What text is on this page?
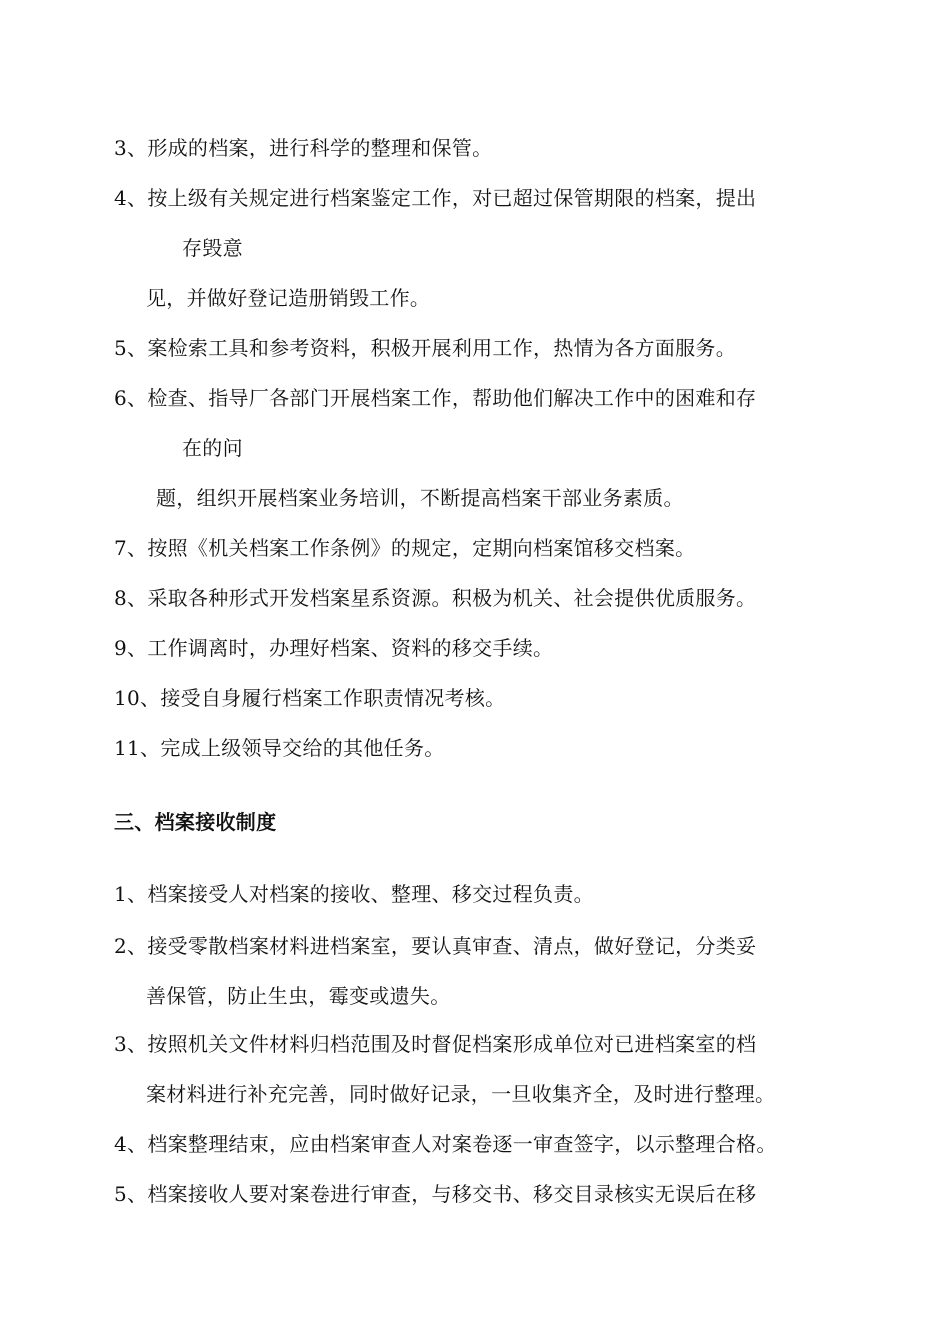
3、形成的档案，进行科学的整理和保管。
4、按上级有关规定进行档案鉴定工作，对已超过保管期限的档案，提出
存毁意
见，并做好登记造册销毁工作。
5、案检索工具和参考资料，积极开展利用工作，热情为各方面服务。
6、检查、指导厂各部门开展档案工作，帮助他们解决工作中的困难和存
在的问
题，组织开展档案业务培训，不断提高档案干部业务素质。
7、按照《机关档案工作条例》的规定，定期向档案馆移交档案。
8、采取各种形式开发档案星系资源。积极为机关、社会提供优质服务。
9、工作调离时，办理好档案、资料的移交手续。
10、接受自身履行档案工作职责情况考核。
11、完成上级领导交给的其他任务。
三、档案接收制度
1、档案接受人对档案的接收、整理、移交过程负责。
2、接受零散档案材料进档案室，要认真审查、清点，做好登记，分类妥
善保管，防止生虫，霉变或遗失。
3、按照机关文件材料归档范围及时督促档案形成单位对已进档案室的档
案材料进行补充完善，同时做好记录，一旦收集齐全，及时进行整理。
4、档案整理结束，应由档案审查人对案卷逐一审查签字，以示整理合格。
5、档案接收人要对案卷进行审查，与移交书、移交目录核实无误后在移
